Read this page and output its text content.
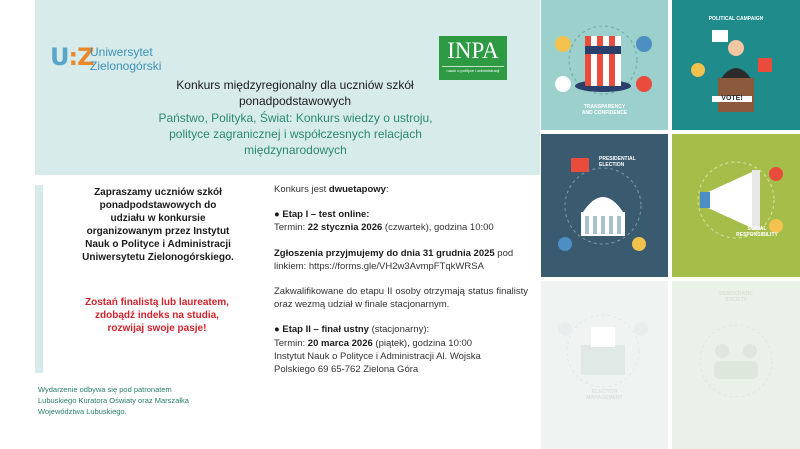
U:Z
Uniwersytet
Zielonogórski
INPA
nauki o polityce i administracji
Konkurs międzyregionalny dla uczniów szkół
ponadpodstawowych
Państwo, Polityka, Świat: Konkurs wiedzy o ustroju,
polityce zagranicznej i współczesnych relacjach
międzynarodowych
Zapraszamy uczniów szkół
ponadpodstawowych do
udziału w konkursie
organizowanym przez Instytut
Nauk o Polityce i Administracji
Uniwersytetu Zielonogórskiego.
Zostań finalistą lub laureatem,
zdobądź indeks na studia,
rozwijaj swoje pasje!
Wydarzenie odbywa się pod patronatem
Lubuskiego Kuratora Oświaty oraz Marszałka
Województwa Lubuskiego.

Konkurs jest dwuetapowy:

● Etap I – test online:

Termin: 22 stycznia 2026 (czwartek), godzina 10:00

Zgłoszenia przyjmujemy do dnia 31 grudnia 2025 pod

linkiem: https://forms.gle/VH2w3AvmpFTqkWRSA

Zakwalifikowane do etapu II osoby otrzymają status finalisty oraz wezmą udział w finale stacjonarnym.

● Etap II – finał ustny (stacjonarny):

Termin: 20 marca 2026 (piątek), godzina 10:00

Instytut Nauk o Polityce i Administracji Al. Wojska

Polskiego 69 65-762 Zielona Góra

TRANSPARENCY
AND CONFIDENCE
POLITICAL CAMPAIGN
VOTE!
PRESIDENTIAL
ELECTION
SOCIAL
RESPONSIBILITY
ELECTION
MANAGEMENT
DEMOCRATIC
SOCIETY
